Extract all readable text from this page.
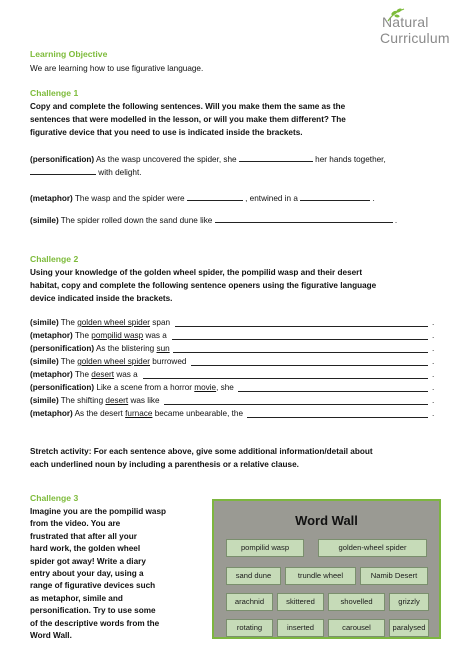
Natural
Curriculum
Learning Objective
We are learning how to use figurative language.
Challenge 1
Copy and complete the following sentences. Will you make them the same as the
sentences that were modelled in the lesson, or will you make them different? The
figurative device that you need to use is indicated inside the brackets.
(personification) As the wasp uncovered the spider, she	her hands together,
with delight.
(metaphor) The wasp and the spider were	, entwined in a	.
(simile) The spider rolled down the sand dune like	.
Challenge 2
Using your knowledge of the golden wheel spider, the pompilid wasp and their desert
habitat, copy and complete the following sentence openers using the figurative language
device indicated inside the brackets.
(simile) The golden wheel spider span	.
(metaphor) The pompilid wasp was a	.
(personification) As the blistering sun	.
(simile) The golden wheel spider burrowed	.
(metaphor) The desert was a	.
(personification) Like a scene from a horror movie, she	.
(simile) The shifting desert was like	.
(metaphor) As the desert furnace became unbearable, the	.
Stretch activity: For each sentence above, give some additional information/detail about
each underlined noun by including a parenthesis or a relative clause.
Challenge 3
Imagine you are the pompilid wasp
from the video. You are
frustrated that after all your
hard work, the golden wheel
spider got away! Write a diary
entry about your day, using a
range of figurative devices such
as metaphor, simile and
personification. Try to use some
of the descriptive words from the
Word Wall.
Word Wall
pompilid wasp	golden-wheel spider
sand dune	trundle wheel	Namib Desert
arachnid	skittered	shovelled	grizzly
rotating	inserted	carousel	paralysed
